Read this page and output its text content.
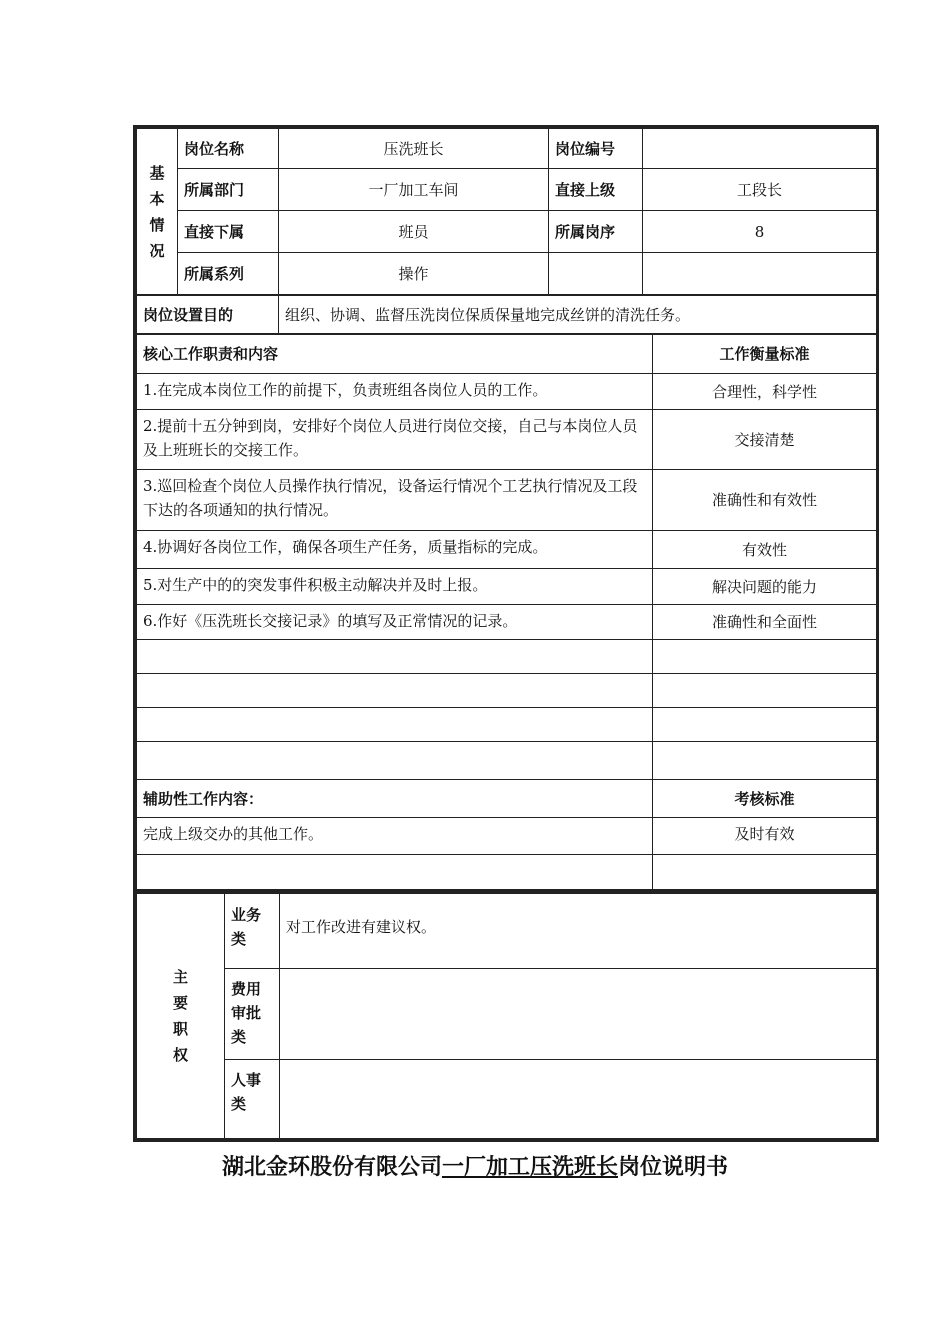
基
本
情
况	岗位名称	压洗班长	岗位编号	
	所属部门	一厂加工车间	直接上级	工段长
	直接下属	班员	所属岗序	8
	所属系列	操作		
岗位设置目的	组织、协调、监督压洗岗位保质保量地完成丝饼的清洗任务。
核心工作职责和内容	工作衡量标准
1.在完成本岗位工作的前提下，负责班组各岗位人员的工作。	合理性，科学性
2.提前十五分钟到岗，安排好个岗位人员进行岗位交接，自己与本岗位人员及上班班长的交接工作。	交接清楚
3.巡回检查个岗位人员操作执行情况，设备运行情况个工艺执行情况及工段下达的各项通知的执行情况。	准确性和有效性
4.协调好各岗位工作，确保各项生产任务，质量指标的完成。	有效性
5.对生产中的的突发事件积极主动解决并及时上报。	解决问题的能力
6.作好《压洗班长交接记录》的填写及正常情况的记录。	准确性和全面性

辅助性工作内容：	考核标准
完成上级交办的其他工作。	及时有效

主
要
职
权	业务类	对工作改进有建议权。
	费用审批类	
	人事类	
湖北金环股份有限公司一厂加工压洗班长岗位说明书
